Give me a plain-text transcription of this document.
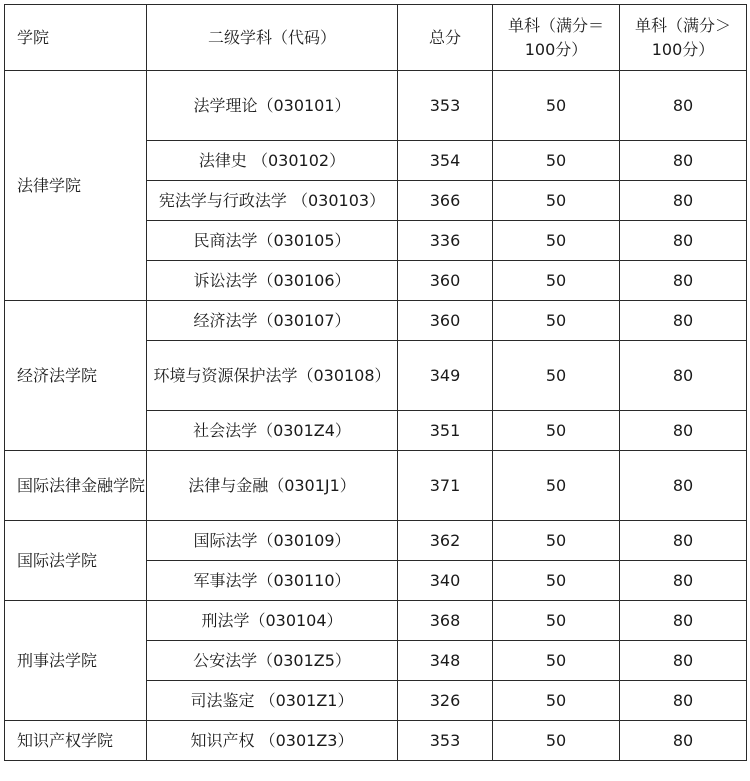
学院	二级学科（代码）	总分	单科（满分＝100分）	单科（满分＞100分）
法律学院	法学理论（030101）	353	50	80
	法律史 （030102）	354	50	80
	宪法学与行政法学 （030103）	366	50	80
	民商法学（030105）	336	50	80
	诉讼法学（030106）	360	50	80
经济法学院	经济法学（030107）	360	50	80
	环境与资源保护法学（030108）	349	50	80
	社会法学（0301Z4）	351	50	80
国际法律金融学院	法律与金融（0301J1）	371	50	80
国际法学院	国际法学（030109）	362	50	80
	军事法学（030110）	340	50	80
刑事法学院	刑法学（030104）	368	50	80
	公安法学（0301Z5）	348	50	80
	司法鉴定 （0301Z1）	326	50	80
知识产权学院	知识产权 （0301Z3）	353	50	80
